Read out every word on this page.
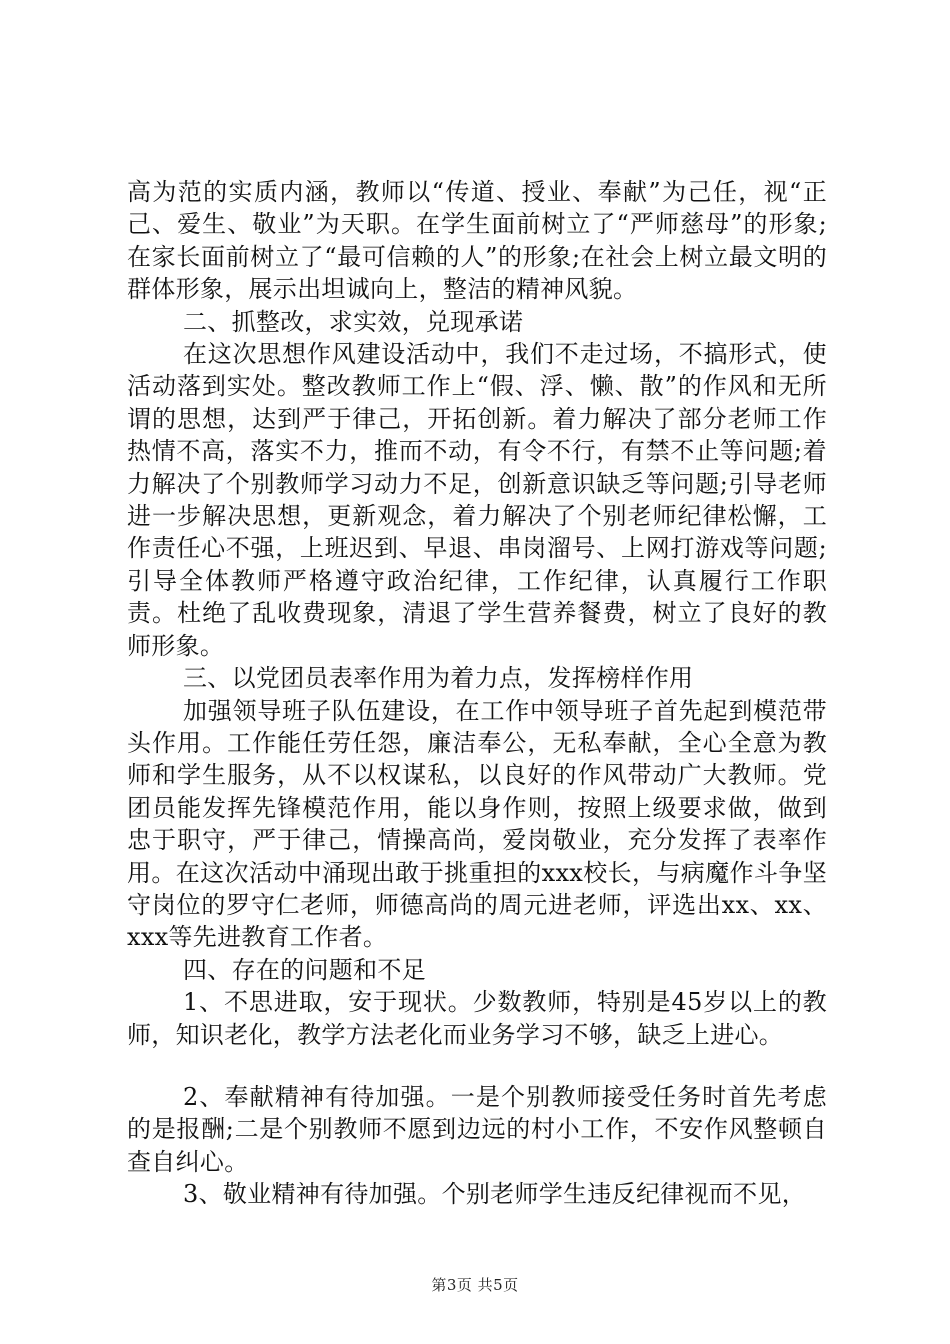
高为范的实质内涵，教师以“传道、授业、奉献”为己任，视“正己、爱生、敬业”为天职。在学生面前树立了“严师慈母”的形象;在家长面前树立了“最可信赖的人”的形象;在社会上树立最文明的群体形象，展示出坦诚向上，整洁的精神风貌。

二、抓整改，求实效，兑现承诺

在这次思想作风建设活动中，我们不走过场，不搞形式，使活动落到实处。整改教师工作上“假、浮、懒、散”的作风和无所谓的思想，达到严于律己，开拓创新。着力解决了部分老师工作热情不高，落实不力，推而不动，有令不行，有禁不止等问题;着力解决了个别教师学习动力不足，创新意识缺乏等问题;引导老师进一步解决思想，更新观念，着力解决了个别老师纪律松懈，工作责任心不强，上班迟到、早退、串岗溜号、上网打游戏等问题;引导全体教师严格遵守政治纪律，工作纪律，认真履行工作职责。杜绝了乱收费现象，清退了学生营养餐费，树立了良好的教师形象。

三、以党团员表率作用为着力点，发挥榜样作用

加强领导班子队伍建设，在工作中领导班子首先起到模范带头作用。工作能任劳任怨，廉洁奉公，无私奉献，全心全意为教师和学生服务，从不以权谋私，以良好的作风带动广大教师。党团员能发挥先锋模范作用，能以身作则，按照上级要求做，做到忠于职守，严于律己，情操高尚，爱岗敬业，充分发挥了表率作用。在这次活动中涌现出敢于挑重担的xxx校长，与病魔作斗争坚守岗位的罗守仁老师，师德高尚的周元进老师，评选出xx、xx、xxx等先进教育工作者。

四、存在的问题和不足

1、不思进取，安于现状。少数教师，特别是45岁以上的教师，知识老化，教学方法老化而业务学习不够，缺乏上进心。

2、奉献精神有待加强。一是个别教师接受任务时首先考虑的是报酬;二是个别教师不愿到边远的村小工作，不安作风整顿自查自纠心。

3、敬业精神有待加强。个别老师学生违反纪律视而不见，

第3页 共5页
